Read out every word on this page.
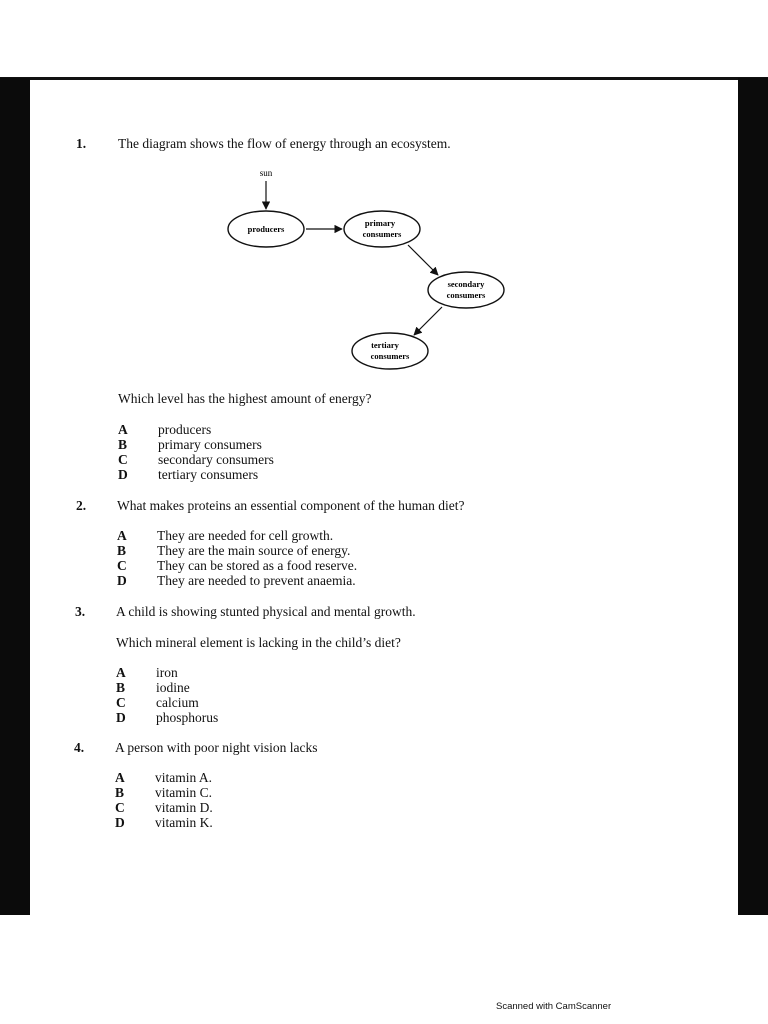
1. The diagram shows the flow of energy through an ecosystem.
sun
producers
primary
consumers
secondary
consumers
tertiary
consumers
Which level has the highest amount of energy?
A producers
B primary consumers
C secondary consumers
D tertiary consumers
2. What makes proteins an essential component of the human diet?
A They are needed for cell growth.
B They are the main source of energy.
C They can be stored as a food reserve.
D They are needed to prevent anaemia.
3. A child is showing stunted physical and mental growth.
Which mineral element is lacking in the child’s diet?
A iron
B iodine
C calcium
D phosphorus
4. A person with poor night vision lacks
A vitamin A.
B vitamin C.
C vitamin D.
D vitamin K.
Scanned with CamScanner
